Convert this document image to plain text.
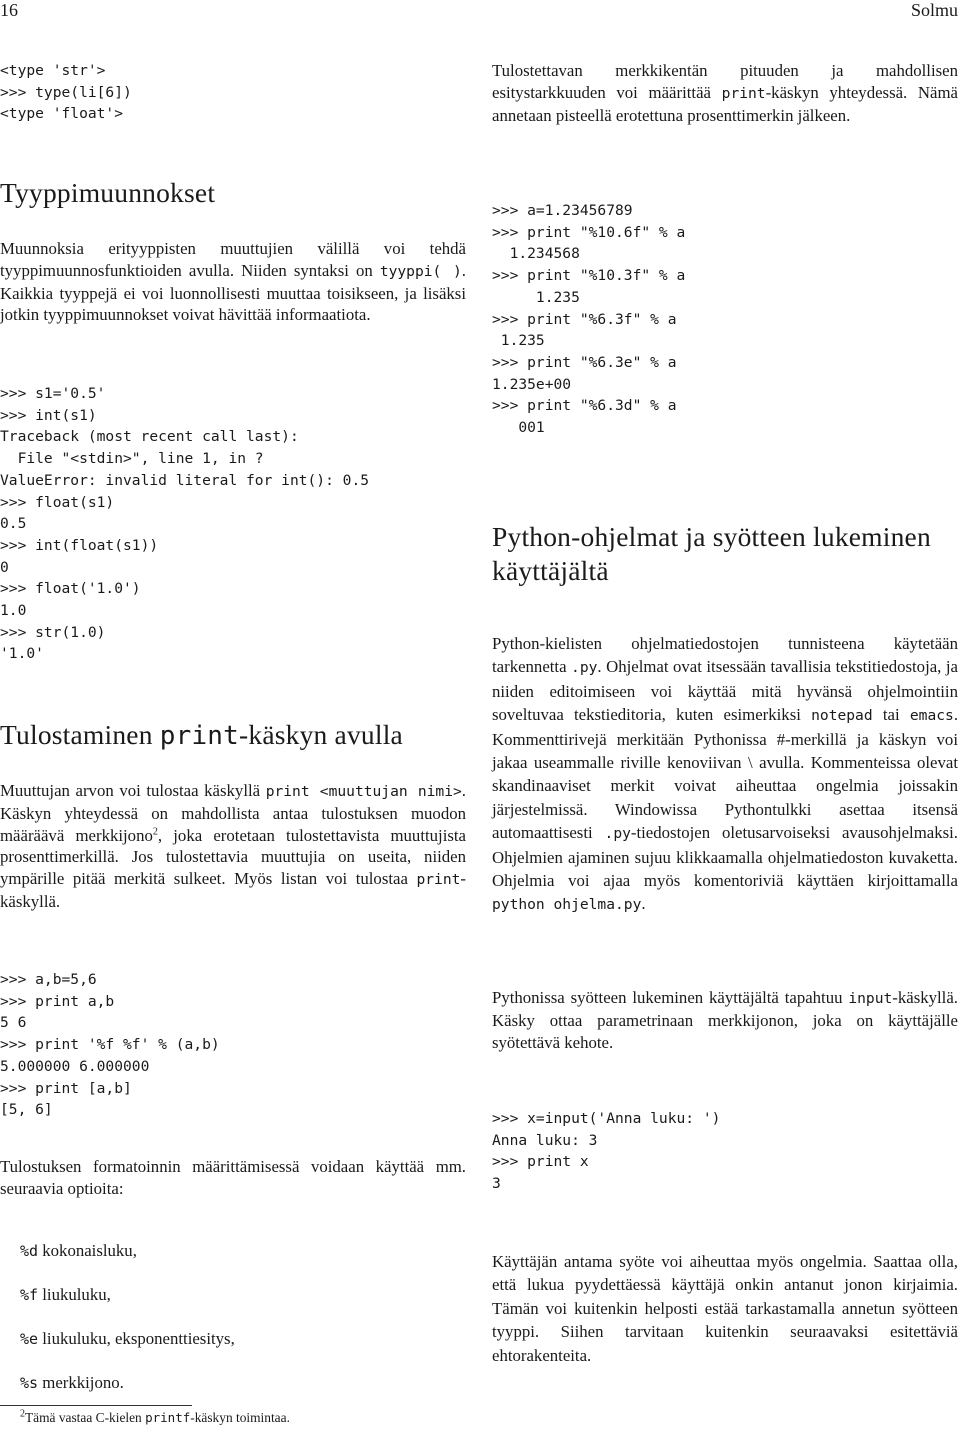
16	Solmu
<type 'str'>
>>> type(li[6])
<type 'float'>
Tyyppimuunnokset

Muunnoksia erityyppisten muuttujien välillä voi tehdä tyyppimuunnosfunktioiden avulla. Niiden syntaksi on tyyppi( ). Kaikkia tyyppejä ei voi luonnollisesti muuttaa toisikseen, ja lisäksi jotkin tyyppimuunnokset voivat hävittää informaatiota.

>>> s1='0.5'
>>> int(s1)
Traceback (most recent call last):
File "<stdin>", line 1, in ?
ValueError: invalid literal for int(): 0.5
>>> float(s1)
0.5
>>> int(float(s1))
0
>>> float('1.0')
1.0
>>> str(1.0)
'1.0'
Tulostaminen print-käskyn avulla

Muuttujan arvon voi tulostaa käskyllä print <muuttujan nimi>. Käskyn yhteydessä on mahdollista antaa tulostuksen muodon määräävä merkkijono$^2$, joka erotetaan tulostettavista muuttujista prosenttimerkillä. Jos tulostettavia muuttujia on useita, niiden ympärille pitää merkitä sulkeet. Myös listan voi tulostaa print-käskyllä.

>>> a,b=5,6
>>> print a,b
5 6
>>> print '%f %f' % (a,b)
5.000000 6.000000
>>> print [a,b]
[5, 6]

Tulostuksen formatoinnin määrittämisessä voidaan käyttää mm. seuraavia optioita:

%d kokonaisluku,
%f liukuluku,
%e liukuluku, eksponenttiesitys,
%s merkkijono.
$^2$Tämä vastaa C-kielen printf-käskyn toimintaa.

Tulostettavan merkkikentän pituuden ja mahdollisen esitystarkkuuden voi määrittää print-käskyn yhteydessä. Nämä annetaan pisteellä erotettuna prosenttimerkin jälkeen.

>>> a=1.23456789
>>> print "%10.6f" % a
1.234568
>>> print "%10.3f" % a
1.235
>>> print "%6.3f" % a
1.235
>>> print "%6.3e" % a
1.235e+00
>>> print "%6.3d" % a
001
Python-ohjelmat ja syötteen lukeminen käyttäjältä

Python-kielisten ohjelmatiedostojen tunnisteena käytetään tarkennetta .py. Ohjelmat ovat itsessään tavallisia tekstitiedostoja, ja niiden editoimiseen voi käyttää mitä hyvänsä ohjelmointiin soveltuvaa tekstieditoria, kuten esimerkiksi notepad tai emacs. Kommenttirivejä merkitään Pythonissa #-merkillä ja käskyn voi jakaa useammalle riville kenoviivan \ avulla. Kommenteissa olevat skandinaaviset merkit voivat aiheuttaa ongelmia joissakin järjestelmissä. Windowissa Pythontulkki asettaa itsensä automaattisesti .py-tiedostojen oletusarvoiseksi avausohjelmaksi. Ohjelmien ajaminen sujuu klikkaamalla ohjelmatiedoston kuvaketta. Ohjelmia voi ajaa myös komentoriviä käyttäen kirjoittamalla python ohjelma.py.

Pythonissa syötteen lukeminen käyttäjältä tapahtuu input-käskyllä. Käsky ottaa parametrinaan merkkijonon, joka on käyttäjälle syötettävä kehote.

>>> x=input('Anna luku: ')
Anna luku: 3
>>> print x
3

Käyttäjän antama syöte voi aiheuttaa myös ongelmia. Saattaa olla, että lukua pyydettäessä käyttäjä onkin antanut jonon kirjaimia. Tämän voi kuitenkin helposti estää tarkastamalla annetun syötteen tyyppi. Siihen tarvitaan kuitenkin seuraavaksi esitettäviä ehtorakenteita.
